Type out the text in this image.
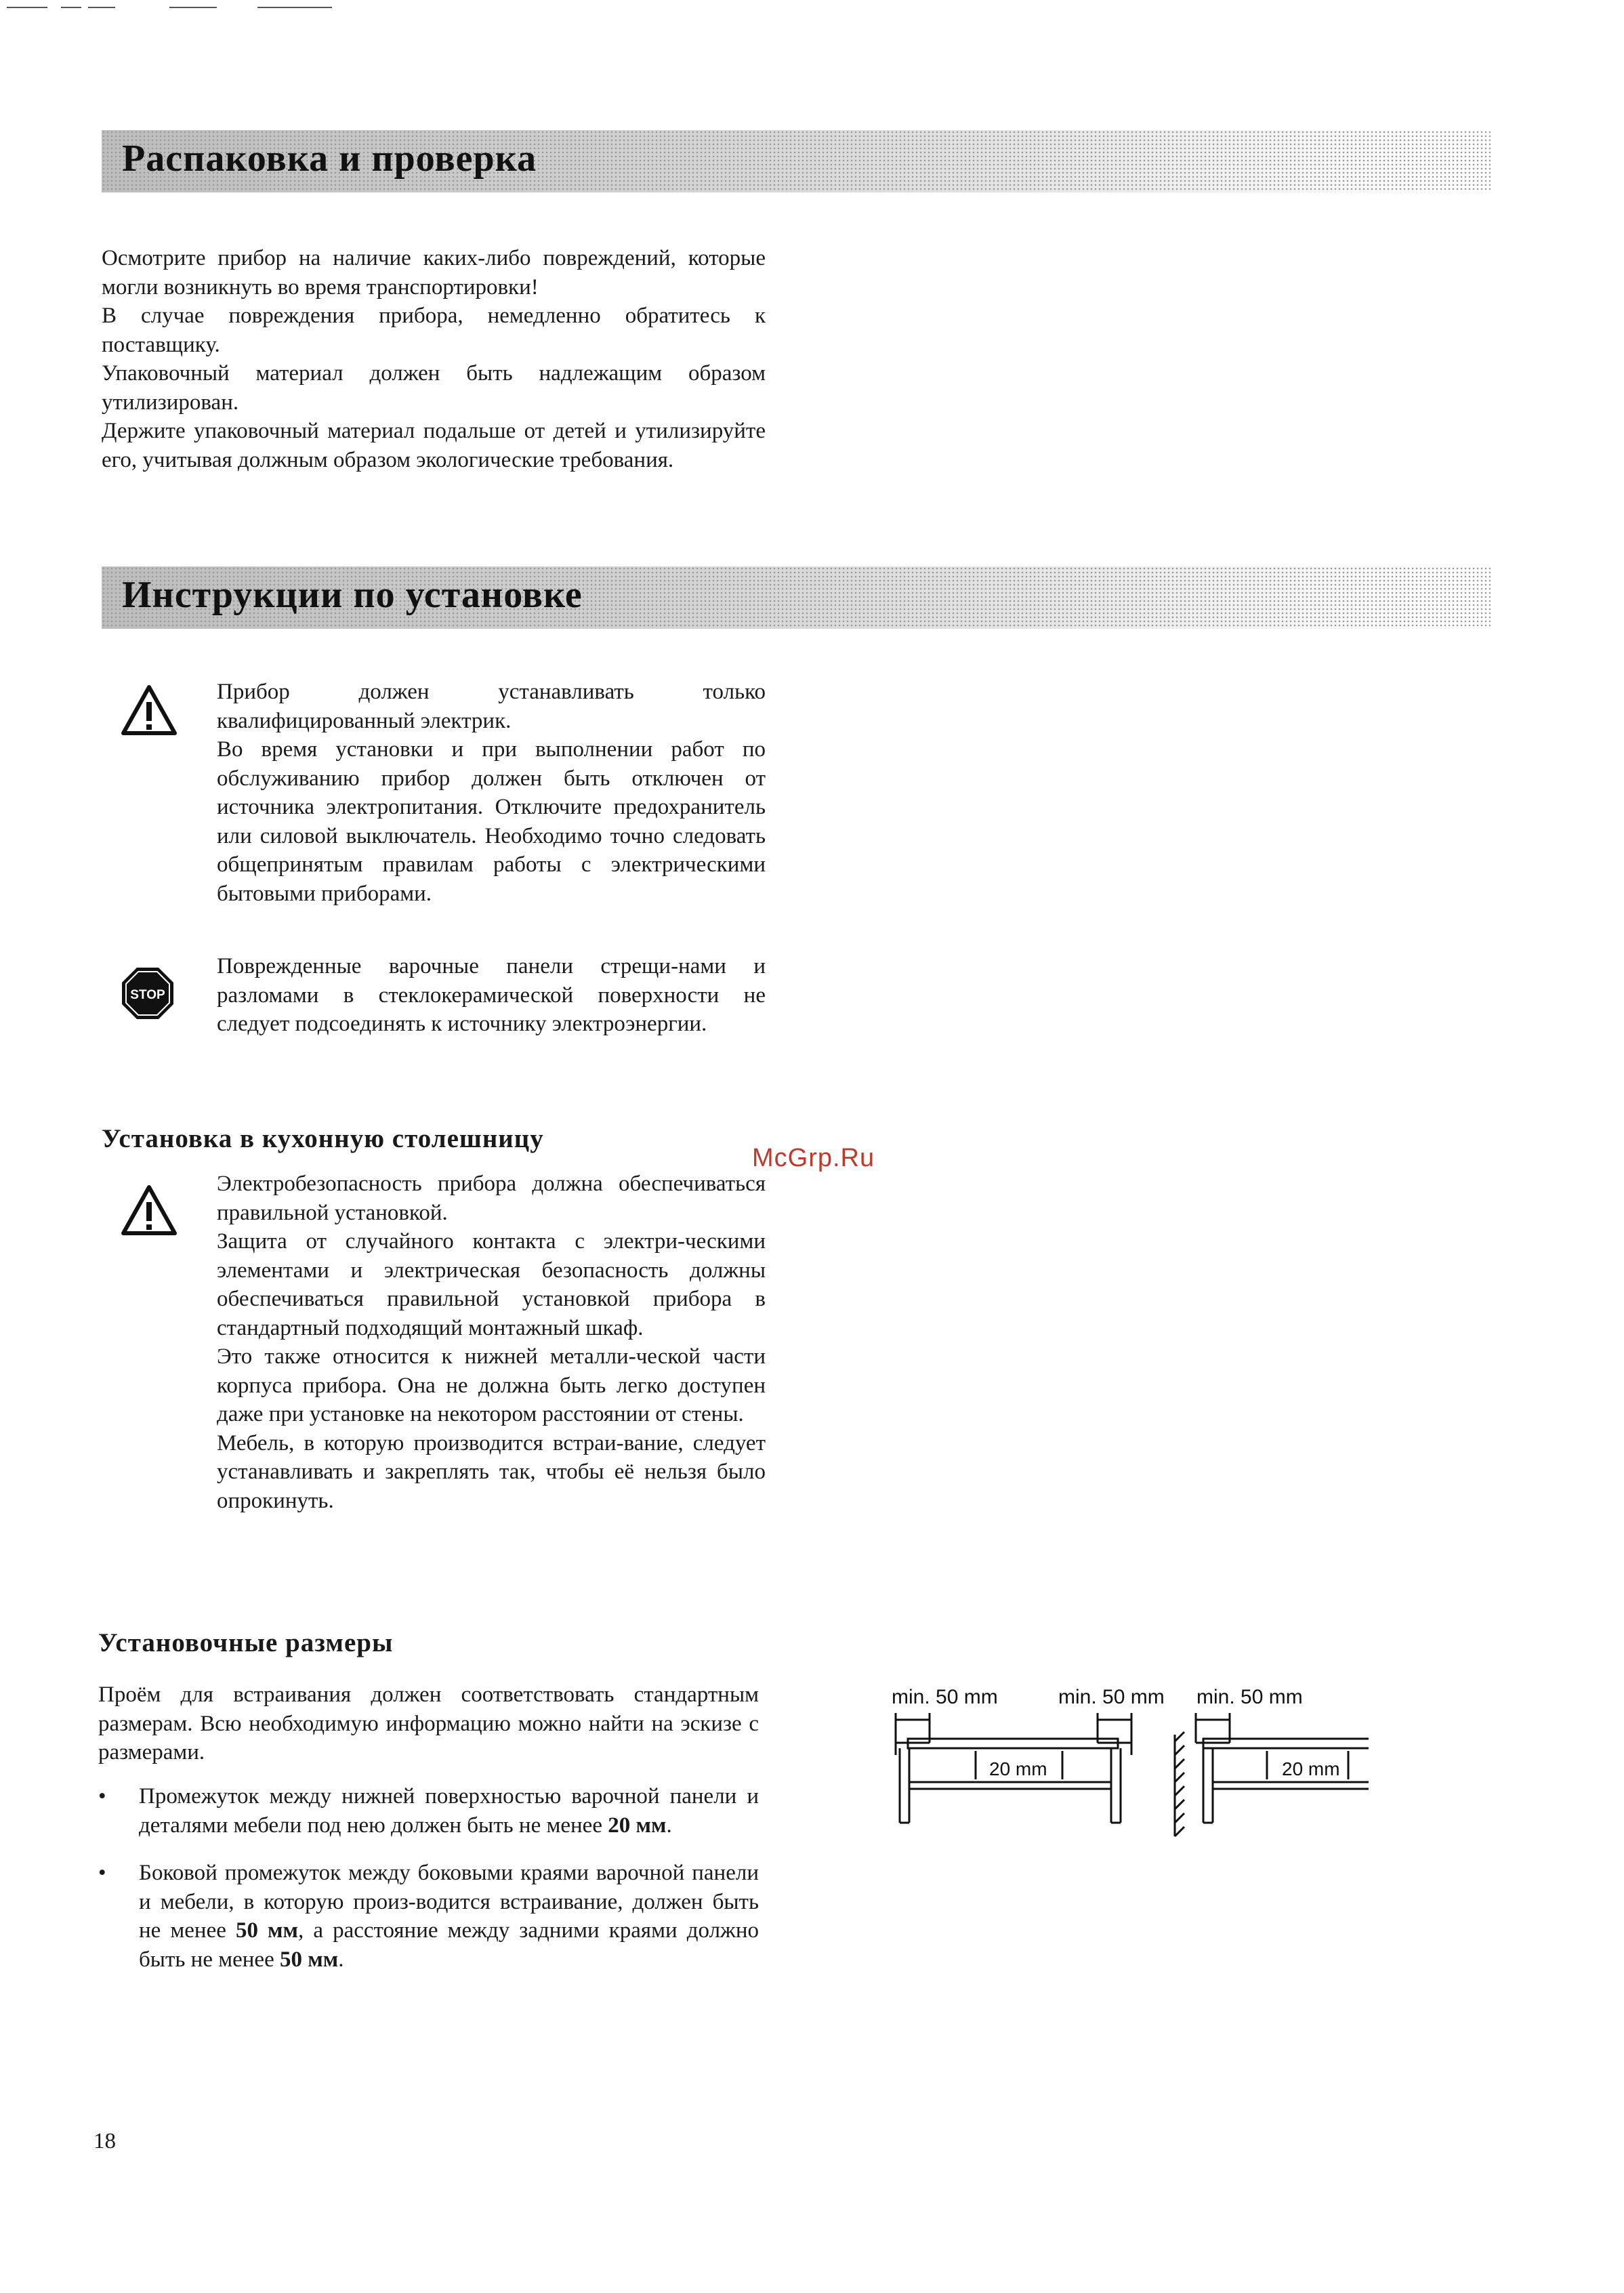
Распаковка и проверка

Осмотрите прибор на наличие каких-либо повреждений, которые могли возникнуть во время транспортировки!

В случае повреждения прибора, немедленно обратитесь к поставщику.

Упаковочный материал должен быть надлежащим образом утилизирован.

Держите упаковочный материал подальше от детей и утилизируйте его, учитывая должным образом экологические требования.

Инструкции по установке

Прибор должен устанавливать только квалифицированный электрик.

Во время установки и при выполнении работ по обслуживанию прибор должен быть отключен от источника электропитания. Отключите предохранитель или силовой выключатель. Необходимо точно следовать общепринятым правилам работы с электрическими бытовыми приборами.

STOP

Поврежденные варочные панели стрещи-нами и разломами в стеклокерамической поверхности не следует подсоединять к источнику электроэнергии.

Установка в кухонную столешницу
McGrp.Ru

Электробезопасность прибора должна обеспечиваться правильной установкой.

Защита от случайного контакта с электри-ческими элементами и электрическая безопасность должны обеспечиваться правильной установкой прибора в стандартный подходящий монтажный шкаф.

Это также относится к нижней металли-ческой части корпуса прибора. Она не должна быть легко доступен даже при установке на некотором расстоянии от стены.

Мебель, в которую производится встраи-вание, следует устанавливать и закреплять так, чтобы её нельзя было опрокинуть.

Установочные размеры

Проём для встраивания должен соответствовать стандартным размерам. Всю необходимую информацию можно найти на эскизе с размерами.

• Промежуток между нижней поверхностью варочной панели и деталями мебели под нею должен быть не менее 20 мм.
• Боковой промежуток между боковыми краями варочной панели и мебели, в которую произ-водится встраивание, должен быть не менее 50 мм, а расстояние между задними краями должно быть не менее 50 мм.
min. 50 mm	min. 50 mm min. 50 mm
20 mm	20 mm
18
